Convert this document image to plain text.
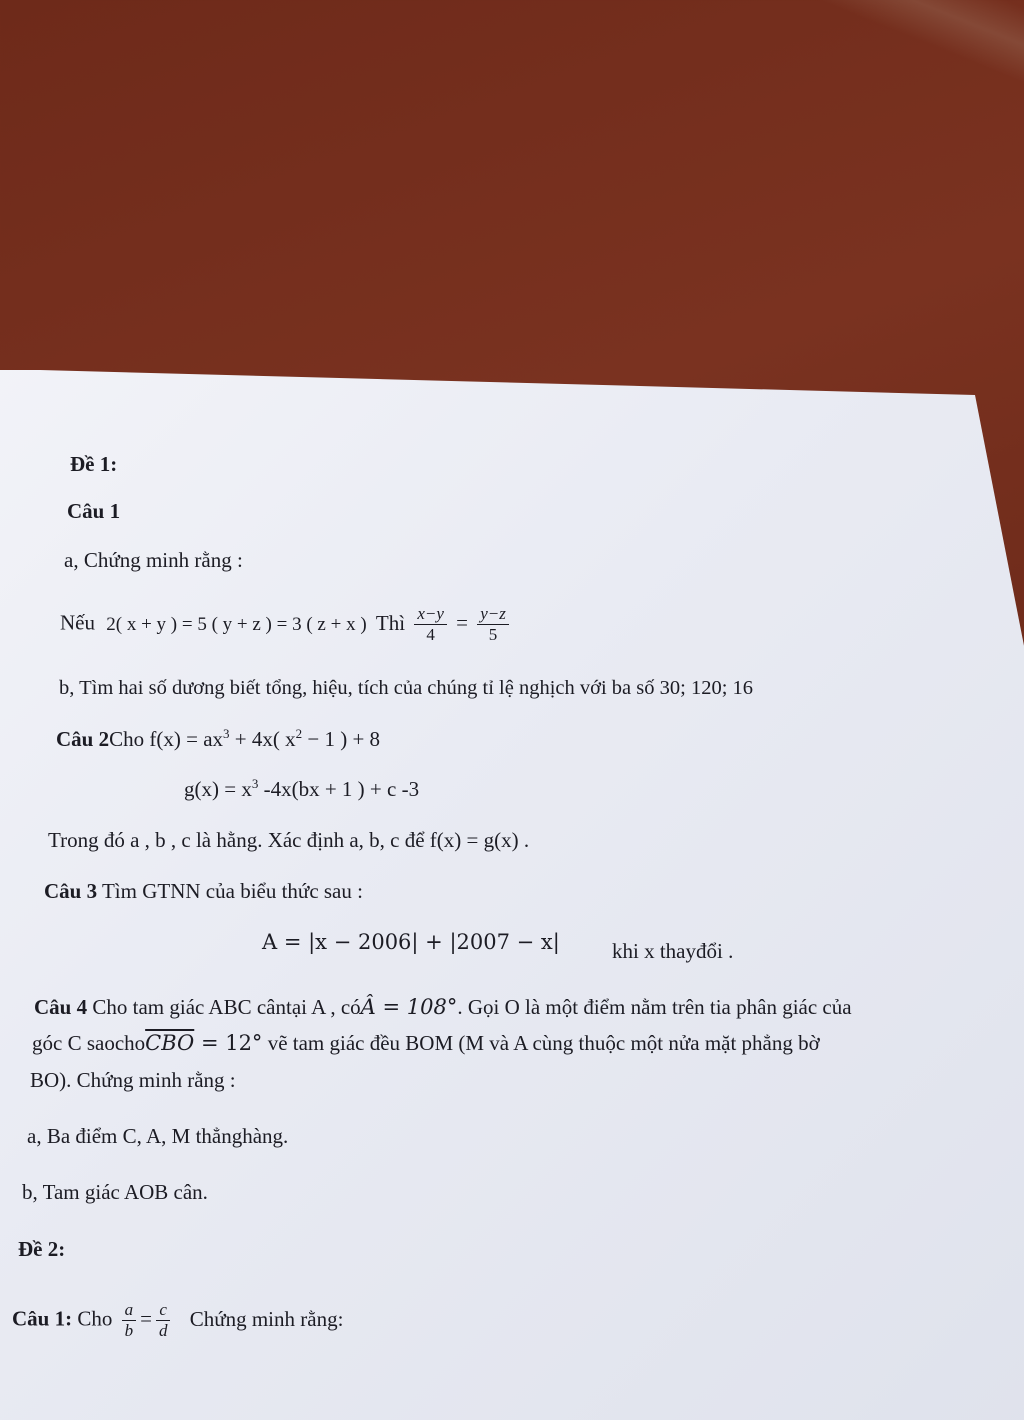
Đề 1:
Câu 1
a, Chứng minh rằng :
Nếu 2( x + y ) = 5 ( y + z ) = 3 ( z + x ) Thì $\frac{x-y}{4} = \frac{y-z}{5}$
b, Tìm hai số dương biết tổng, hiệu, tích của chúng tỉ lệ nghịch với ba số 30; 120; 16
Câu 2Cho $f(x) = ax^3 + 4x$( $x^2 - 1$ ) + 8
$g(x) = x^3$ -4x(bx + 1 ) + c -3
Trong đó a , b , c là hằng. Xác định a, b, c để f(x) = g(x) .
Câu 3 Tìm GTNN của biểu thức sau :
A = |x − 2006| + |2007 − x| khi x thayđổi .
Câu 4 Cho tam giác ABC cântại A , cóÂ = 108°. Gọi O là một điểm nằm trên tia phân giác của
góc C $saocho\overline{CBO} = 12^\circ$ vẽ tam giác đều BOM (M và A cùng thuộc một nửa mặt phẳng bờ
BO). Chứng minh rằng :
a, Ba điểm C, A, M thẳnghàng.
b, Tam giác AOB cân.
Đề 2:
Câu 1: Cho $\frac{a}{b} = \frac{c}{d}$ Chứng minh rằng:
